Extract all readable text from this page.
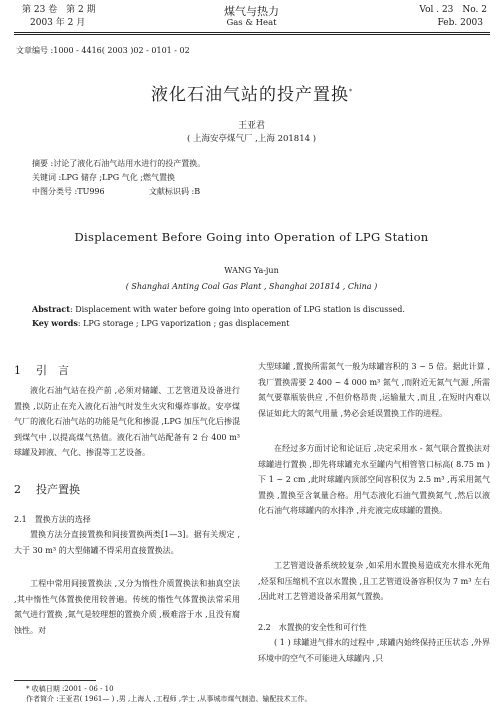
第 23 卷　第 2 期
2003 年 2 月
煤气与热力
Gas & Heat
Vol . 23　No. 2
Feb. 2003
文章编号 :1000 - 4416( 2003 )02 - 0101 - 02
液化石油气站的投产置换*
王亚君
( 上海安亭煤气厂 ,上海 201814 )
摘要 :讨论了液化石油气站用水进行的投产置换。
关键词 :LPG 储存 ;LPG 气化 ;燃气置换
中图分类号 :TU996	文献标识码 :B
Displacement Before Going into Operation of LPG Station
WANG Ya-jun
( Shanghai Anting Coal Gas Plant , Shanghai 201814 , China )
Abstract: Displacement with water before going into operation of LPG station is discussed.
Key words: LPG storage ; LPG vaporization ; gas displacement
1 引　言

液化石油气站在投产前 ,必须对储罐、工艺管道及设备进行置换 ,以防止在充入液化石油气时发生火灾和爆炸事故。安亭煤气厂的液化石油气站的功能是气化和掺混 ,LPG 加压气化后掺混到煤气中 ,以提高煤气热值。液化石油气站配备有 2 台 400 m³ 球罐及卸液、气化、掺混等工艺设备。

2 投产置换
2.1　置换方法的选择

置换方法分直接置换和间接置换两类[1—3]。据有关规定 ,大于 30 m³ 的大型储罐不得采用直接置换法。

工程中常用间接置换法 ,又分为惰性介质置换法和抽真空法 ,其中惰性气体置换使用较普遍。传统的惰性气体置换法常采用氮气进行置换 ,氮气是较理想的置换介质 ,极难溶于水 ,且没有腐蚀性。对

大型球罐 ,置换所需氮气一般为球罐容积的 3 ~ 5 倍。据此计算 ,我厂置换需要 2 400 ~ 4 000 m³ 氮气 ,而附近无氮气气源 ,所需氮气要靠瓶装供应 ,不但价格昂贵 ,运输量大 ,而且 ,在短时内难以保证如此大的氮气用量 ,势必会延误置换工作的进程。

在经过多方面讨论和论证后 ,决定采用水 - 氮气联合置换法对球罐进行置换 ,即先将球罐充水至罐内气相管管口标高( 8.75 m )下 1 ~ 2 cm ,此时球罐内顶部空间容积仅为 2.5 m³ ,再采用氮气置换 ,置换至含氧量合格。用气态液化石油气置换氮气 ,然后以液化石油气将球罐内的水排净 ,并充液完成球罐的置换。

工艺管道设备系统较复杂 ,如采用水置换易造成充水排水死角 ,烃泵和压缩机不宜以水置换 ,且工艺管道设备容积仅为 7 m³ 左右 ,因此对工艺管道设备采用氮气置换。

2.2　水置换的安全性和可行性

( 1 ) 球罐进气排水的过程中 ,球罐内始终保持正压状态 ,外界环境中的空气不可能进入球罐内 ,只

* 收稿日期 :2001 - 06 - 10
作者简介 :王亚君( 1961— ) ,男 ,上海人 ,工程师 ,学士 ,从事城市煤气制造、输配技术工作。
